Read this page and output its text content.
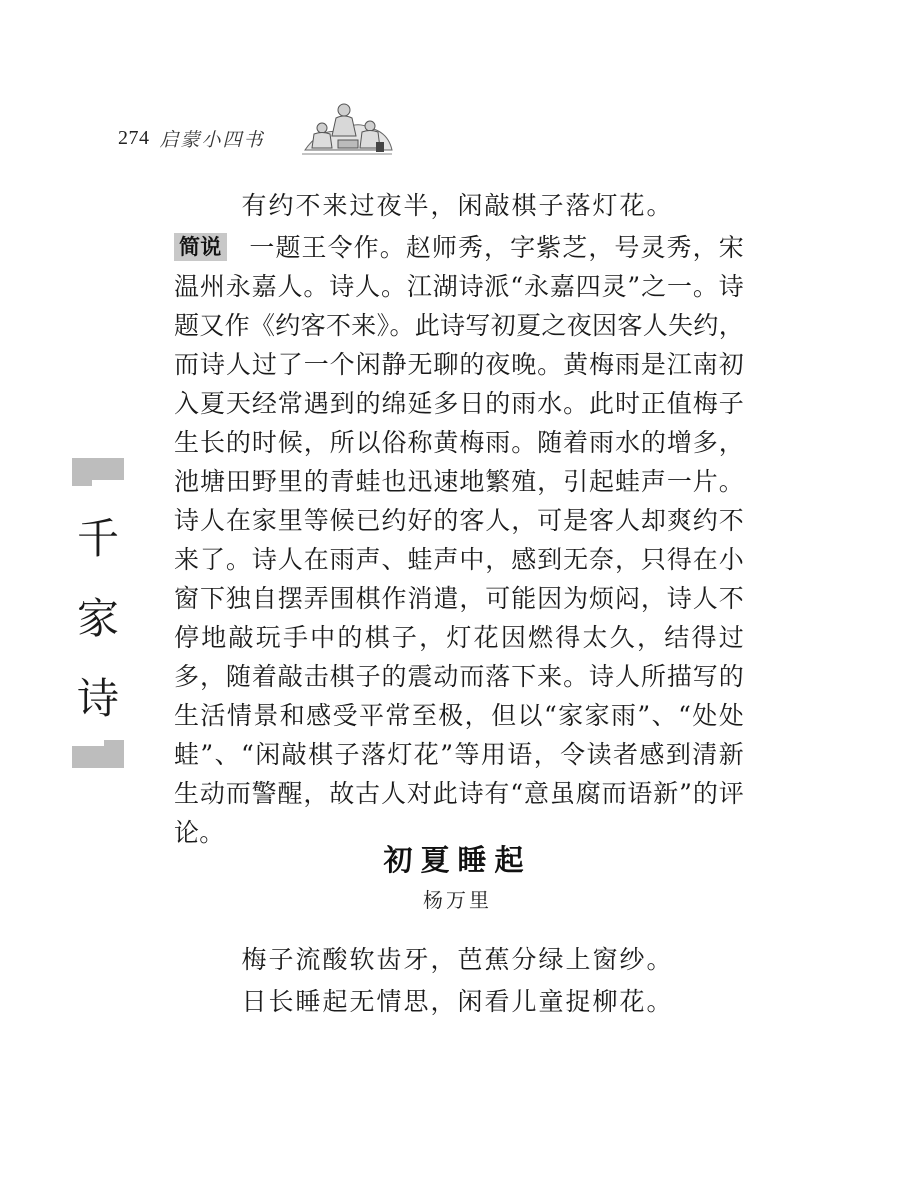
274 启蒙小四书
千
家
诗
有约不来过夜半，闲敲棋子落灯花。
简说 一题王令作。赵师秀，字紫芝，号灵秀，宋温州永嘉人。诗人。江湖诗派“永嘉四灵”之一。诗题又作《约客不来》。此诗写初夏之夜因客人失约，而诗人过了一个闲静无聊的夜晚。黄梅雨是江南初入夏天经常遇到的绵延多日的雨水。此时正值梅子生长的时候，所以俗称黄梅雨。随着雨水的增多，池塘田野里的青蛙也迅速地繁殖，引起蛙声一片。诗人在家里等候已约好的客人，可是客人却爽约不来了。诗人在雨声、蛙声中，感到无奈，只得在小窗下独自摆弄围棋作消遣，可能因为烦闷，诗人不停地敲玩手中的棋子，灯花因燃得太久，结得过多，随着敲击棋子的震动而落下来。诗人所描写的生活情景和感受平常至极，但以“家家雨”、“处处蛙”、“闲敲棋子落灯花”等用语，令读者感到清新生动而警醒，故古人对此诗有“意虽腐而语新”的评论。
初夏睡起
杨万里
梅子流酸软齿牙，芭蕉分绿上窗纱。
日长睡起无情思，闲看儿童捉柳花。
